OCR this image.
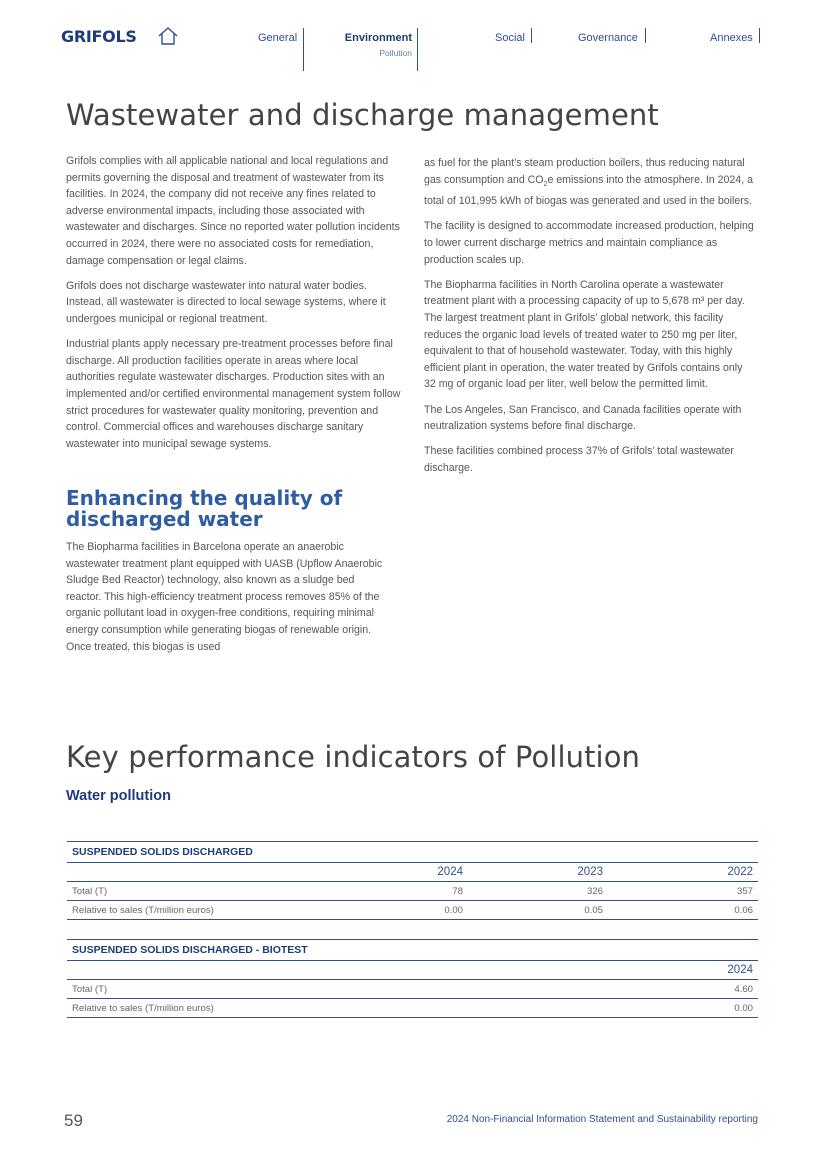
GRIFOLS	General	Environment
Pollution
Social	Governance	Annexes
Wastewater and discharge management

Grifols complies with all applicable national and local regulations and permits governing the disposal and treatment of wastewater from its facilities. In 2024, the company did not receive any fines related to adverse environmental impacts, including those associated with wastewater and discharges. Since no reported water pollution incidents occurred in 2024, there were no associated costs for remediation, damage compensation or legal claims.

Grifols does not discharge wastewater into natural water bodies. Instead, all wastewater is directed to local sewage systems, where it undergoes municipal or regional treatment.

Industrial plants apply necessary pre-treatment processes before final discharge. All production facilities operate in areas where local authorities regulate wastewater discharges. Production sites with an implemented and/or certified environmental management system follow strict procedures for wastewater quality monitoring, prevention and control. Commercial offices and warehouses discharge sanitary wastewater into municipal sewage systems.

Enhancing the quality of discharged water

The Biopharma facilities in Barcelona operate an anaerobic wastewater treatment plant equipped with UASB (Upflow Anaerobic Sludge Bed Reactor) technology, also known as a sludge bed reactor. This high-efficiency treatment process removes 85% of the organic pollutant load in oxygen-free conditions, requiring minimal energy consumption while generating biogas of renewable origin. Once treated, this biogas is used

as fuel for the plant’s steam production boilers, thus reducing natural gas consumption and $CO_2e$ emissions into the atmosphere. In 2024, a total of 101,995 kWh of biogas was generated and used in the boilers.

The facility is designed to accommodate increased production, helping to lower current discharge metrics and maintain compliance as production scales up.

The Biopharma facilities in North Carolina operate a wastewater treatment plant with a processing capacity of up to 5,678 m³ per day. The largest treatment plant in Grifols’ global network, this facility reduces the organic load levels of treated water to 250 mg per liter, equivalent to that of household wastewater. Today, with this highly efficient plant in operation, the water treated by Grifols contains only 32 mg of organic load per liter, well below the permitted limit.

The Los Angeles, San Francisco, and Canada facilities operate with neutralization systems before final discharge.

These facilities combined process 37% of Grifols’ total wastewater discharge.

Key performance indicators of Pollution
Water pollution
SUSPENDED SOLIDS DISCHARGED			
	2024	2023	2022
Total (T)	78	326	357
Relative to sales (T/million euros)	0.00	0.05	0.06
SUSPENDED SOLIDS DISCHARGED - BIOTEST	
	2024
Total (T)	4.60
Relative to sales (T/million euros)	0.00
59	2024 Non-Financial Information Statement and Sustainability reporting
